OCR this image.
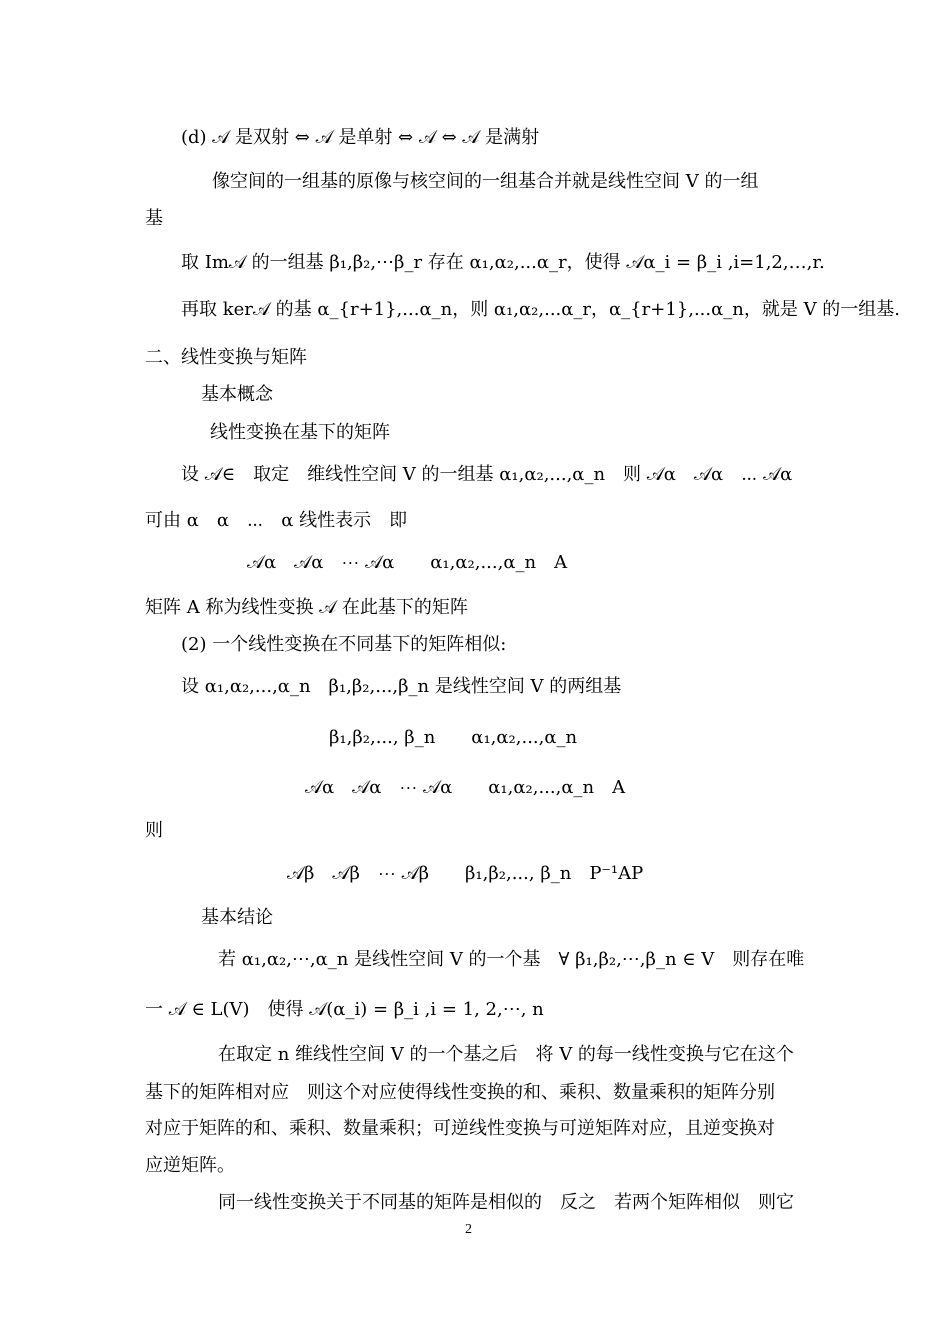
(d) 𝒜 是双射 ⇔ 𝒜 是单射 ⇔ 𝒜 ⇔ 𝒜 是满射
像空间的一组基的原像与核空间的一组基合并就是线性空间 V 的一组
基
取 Im𝒜 的一组基 β₁,β₂,⋯β_r 存在 α₁,α₂,...α_r，使得 𝒜α_i = β_i ,i=1,2,…,r.
再取 ker𝒜 的基 α_{r+1},...α_n，则 α₁,α₂,...α_r，α_{r+1},...α_n，就是 V 的一组基.
二、线性变换与矩阵
基本概念
线性变换在基下的矩阵
设 𝒜∈　取定　维线性空间 V 的一组基 α₁,α₂,...,α_n　则 𝒜α　𝒜α　⋯ 𝒜α
可由 α　α　⋯　α 线性表示　即
𝒜α　𝒜α　⋯ 𝒜α　　α₁,α₂,...,α_n　A
矩阵 A 称为线性变换 𝒜 在此基下的矩阵
(2) 一个线性变换在不同基下的矩阵相似:
设 α₁,α₂,...,α_n　β₁,β₂,...,β_n 是线性空间 V 的两组基
β₁,β₂,..., β_n　　α₁,α₂,...,α_n
𝒜α　𝒜α　⋯ 𝒜α　　α₁,α₂,...,α_n　A
则
𝒜β　𝒜β　⋯ 𝒜β　　β₁,β₂,..., β_n　P⁻¹AP
基本结论
若 α₁,α₂,⋯,α_n 是线性空间 V 的一个基　∀ β₁,β₂,⋯,β_n ∈ V　则存在唯
一 𝒜 ∈ L(V)　使得 𝒜(α_i) = β_i ,i = 1, 2,⋯, n
在取定 n 维线性空间 V 的一个基之后　将 V 的每一线性变换与它在这个
基下的矩阵相对应　则这个对应使得线性变换的和、乘积、数量乘积的矩阵分别
对应于矩阵的和、乘积、数量乘积；可逆线性变换与可逆矩阵对应，且逆变换对
应逆矩阵。
同一线性变换关于不同基的矩阵是相似的　反之　若两个矩阵相似　则它
2
